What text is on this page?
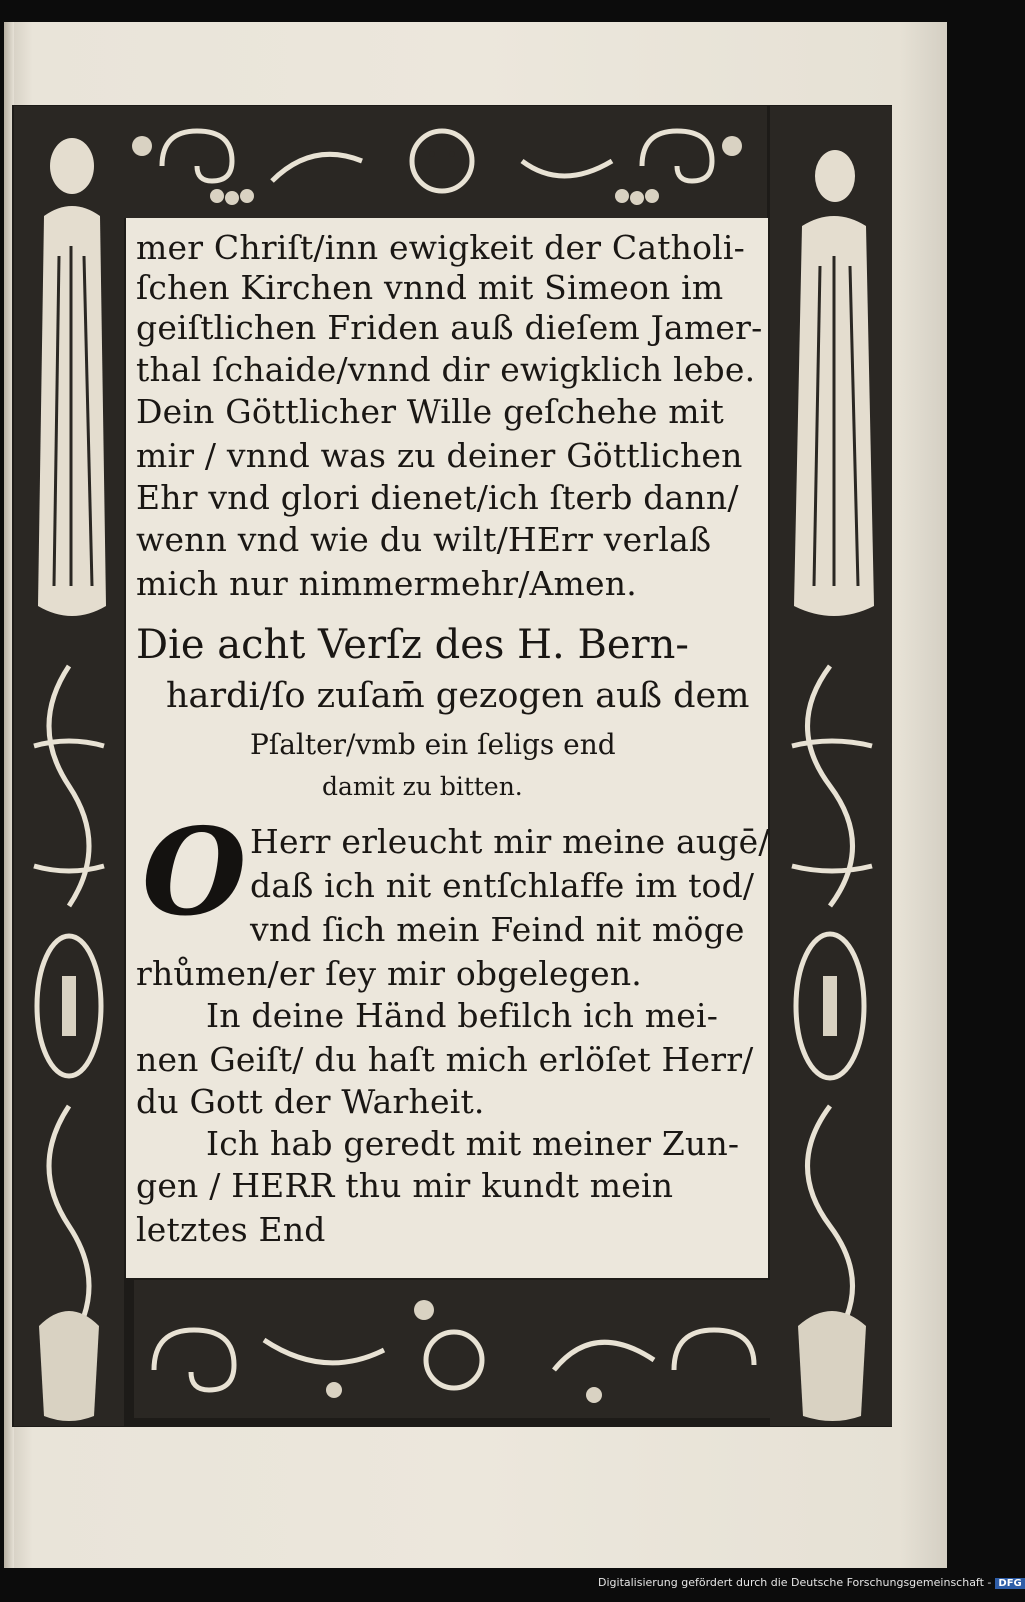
mer Chriſt/inn ewigkeit der Catholi-
ſchen Kirchen vnnd mit Simeon im
geiſtlichen Friden auß dieſem Jamer-
thal ſchaide/vnnd dir ewigklich lebe.
Dein Göttlicher Wille geſchehe mit
mir / vnnd was zu deiner Göttlichen
Ehr vnd glori dienet/ich ſterb dann/
wenn vnd wie du wilt/HErr verlaß
mich nur nimmermehr/Amen.
Die acht Verſz des H. Bern-
hardi/ſo zuſam̄ gezogen auß dem
Pſalter/vmb ein ſeligs end
damit zu bitten.
O Herr erleucht mir meine augē/
daß ich nit entſchlaffe im tod/
vnd ſich mein Feind nit möge
rhůmen/er ſey mir obgelegen.
In deine Händ befilch ich mei-
nen Geiſt/ du haſt mich erlöſet Herr/
du Gott der Warheit.
Ich hab geredt mit meiner Zun-
gen / HERR thu mir kundt mein
letztes End
Digitalisierung gefördert durch die Deutsche Forschungsgemeinschaft - DFG
